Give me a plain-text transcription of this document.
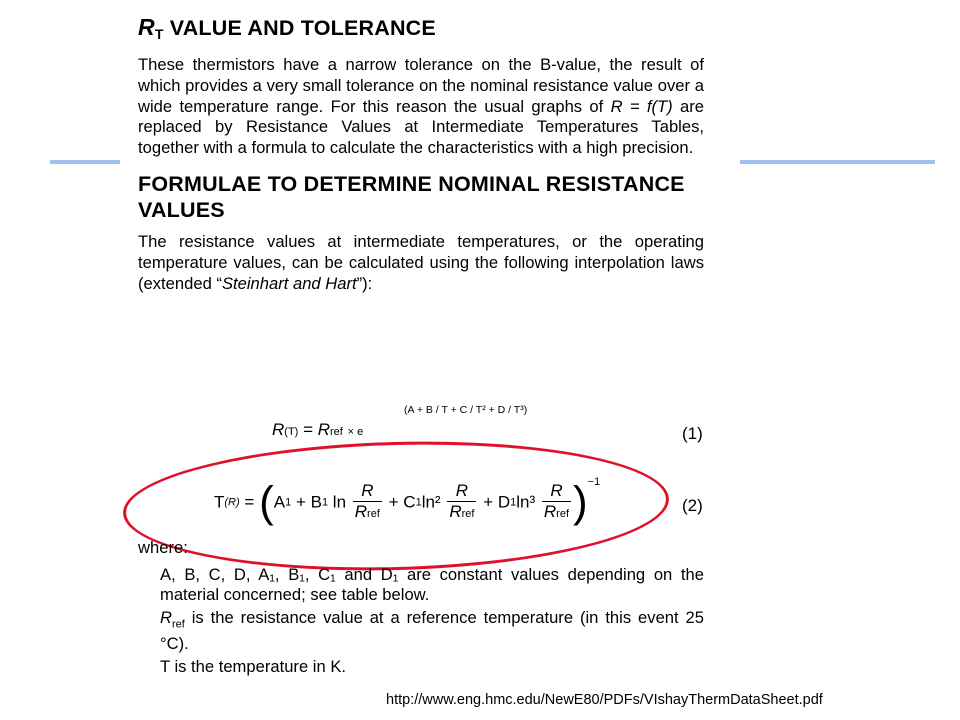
$R_T$ VALUE AND TOLERANCE

These thermistors have a narrow tolerance on the B-value, the result of which provides a very small tolerance on the nominal resistance value over a wide temperature range. For this reason the usual graphs of R = f(T) are replaced by Resistance Values at Intermediate Temperatures Tables, together with a formula to calculate the characteristics with a high precision.

FORMULAE TO DETERMINE NOMINAL RESISTANCE VALUES

The resistance values at intermediate temperatures, or the operating temperature values, can be calculated using the following interpolation laws (extended “Steinhart and Hart”):

R(T) = Rref × e
(A + B / T + C / T² + D / T³)
(1)
T(R) = (A1 + B1 $\ln \frac{R}{\text{Rref}} + C1\ln^2 \frac{R}{\text{Rref}} + D1\ln^3 \frac{R}{\text{Rref}} )^{-1}$
(2)
where:

A, B, C, D, A₁, B₁, C₁ and D₁ are constant values depending on the material concerned; see table below.

$R_{ref}$ is the resistance value at a reference temperature (in this event 25 °C).

T is the temperature in K.

http://www.eng.hmc.edu/NewE80/PDFs/VIshayThermDataSheet.pdf
